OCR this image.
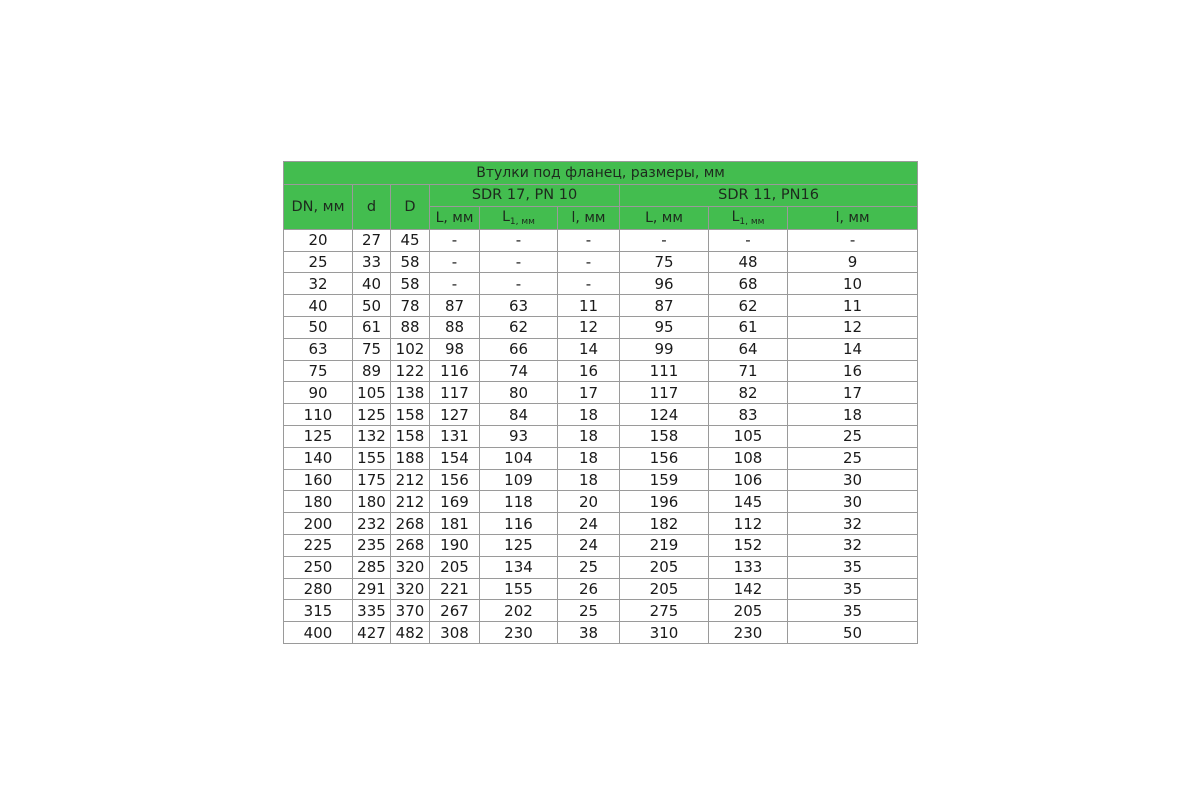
Втулки под фланец, размеры, мм								
DN, мм	d	D	SDR 17, PN 10			SDR 11, PN16		
			L, мм	$L_{1, мм}$	l, мм	L, мм	$L_{1, мм}$	l, мм
20	27	45	-	-	-	-	-	-
25	33	58	-	-	-	75	48	9
32	40	58	-	-	-	96	68	10
40	50	78	87	63	11	87	62	11
50	61	88	88	62	12	95	61	12
63	75	102	98	66	14	99	64	14
75	89	122	116	74	16	111	71	16
90	105	138	117	80	17	117	82	17
110	125	158	127	84	18	124	83	18
125	132	158	131	93	18	158	105	25
140	155	188	154	104	18	156	108	25
160	175	212	156	109	18	159	106	30
180	180	212	169	118	20	196	145	30
200	232	268	181	116	24	182	112	32
225	235	268	190	125	24	219	152	32
250	285	320	205	134	25	205	133	35
280	291	320	221	155	26	205	142	35
315	335	370	267	202	25	275	205	35
400	427	482	308	230	38	310	230	50
